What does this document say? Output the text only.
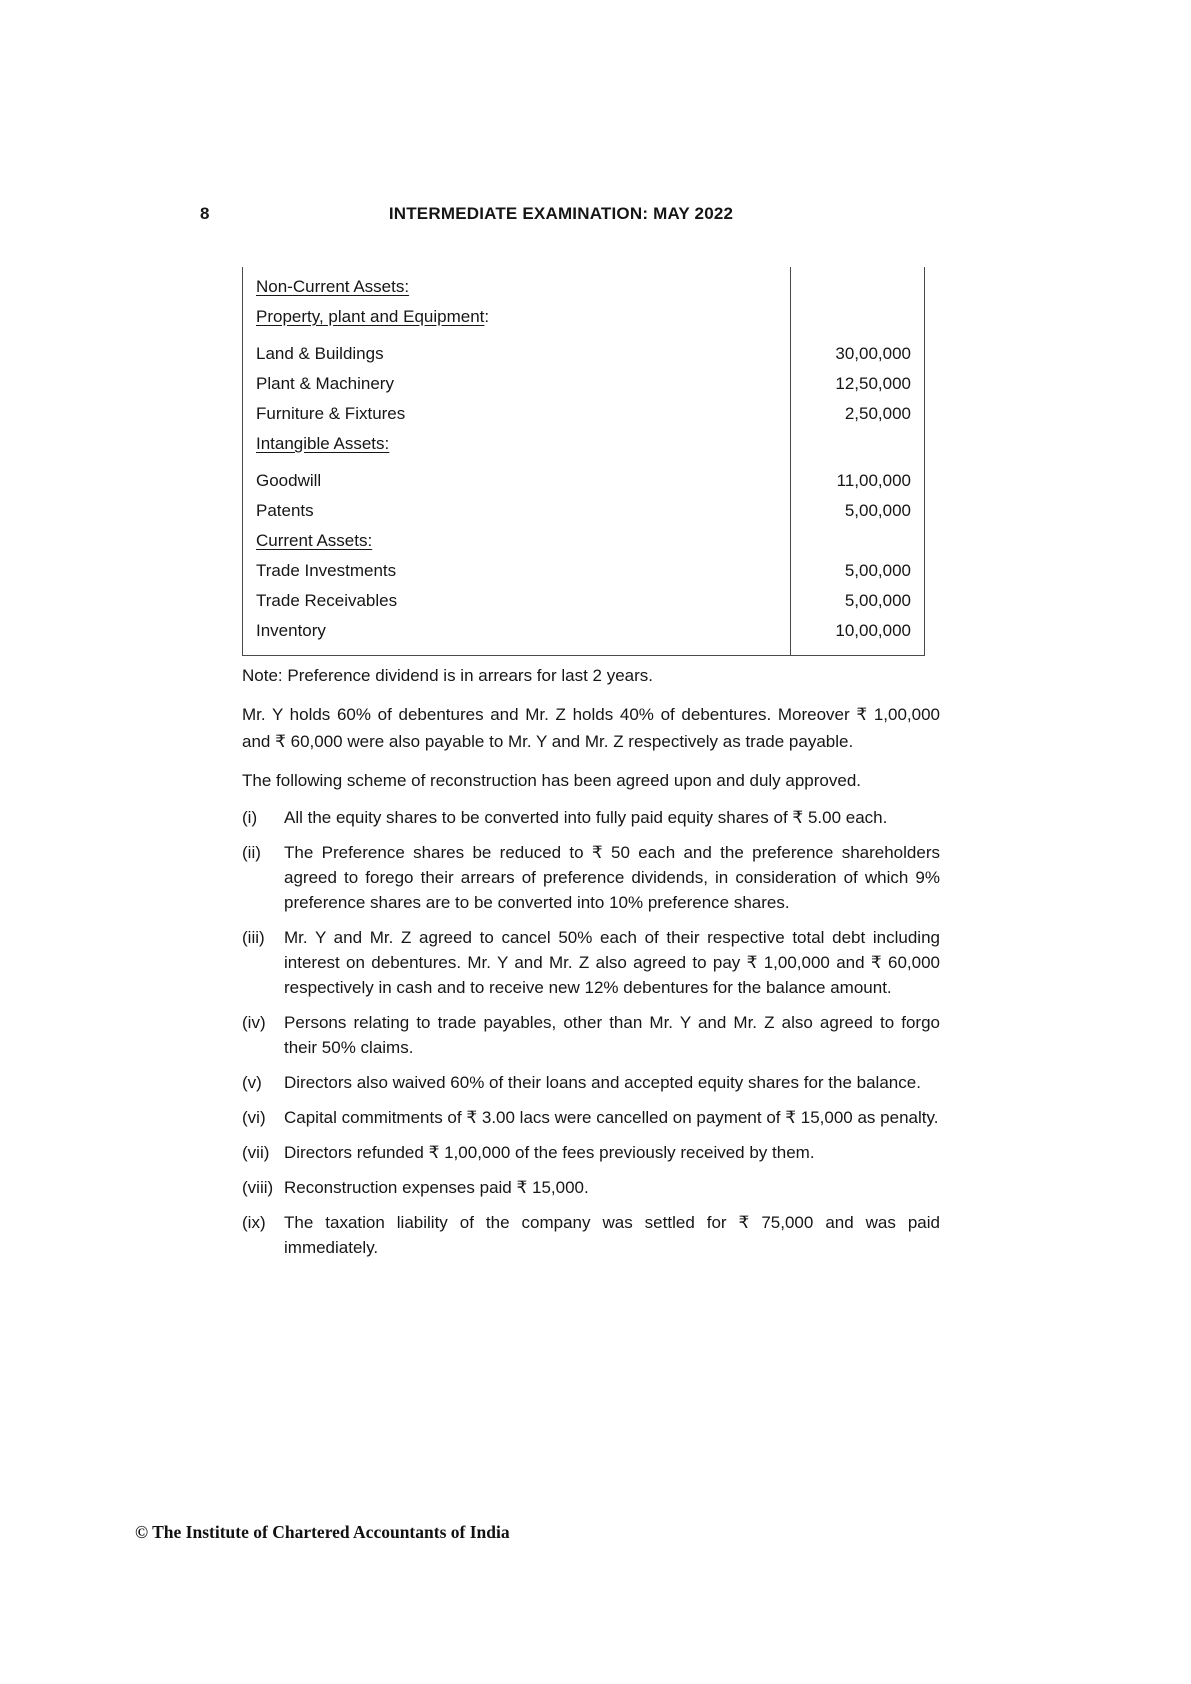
8	INTERMEDIATE EXAMINATION: MAY 2022
Non-Current Assets:
Property, plant and Equipment:
Land & Buildings	30,00,000
Plant & Machinery	12,50,000
Furniture & Fixtures	2,50,000
Intangible Assets:
Goodwill	11,00,000
Patents	5,00,000
Current Assets:
Trade Investments	5,00,000
Trade Receivables	5,00,000
Inventory	10,00,000

Note: Preference dividend is in arrears for last 2 years.

Mr. Y holds 60% of debentures and Mr. Z holds 40% of debentures. Moreover ₹ 1,00,000 and ₹ 60,000 were also payable to Mr. Y and Mr. Z respectively as trade payable.

The following scheme of reconstruction has been agreed upon and duly approved.

(i)	All the equity shares to be converted into fully paid equity shares of ₹ 5.00 each.
(ii)	The Preference shares be reduced to ₹ 50 each and the preference shareholders agreed to forego their arrears of preference dividends, in consideration of which 9% preference shares are to be converted into 10% preference shares.
(iii)	Mr. Y and Mr. Z agreed to cancel 50% each of their respective total debt including interest on debentures. Mr. Y and Mr. Z also agreed to pay ₹ 1,00,000 and ₹ 60,000 respectively in cash and to receive new 12% debentures for the balance amount.
(iv)	Persons relating to trade payables, other than Mr. Y and Mr. Z also agreed to forgo their 50% claims.
(v)	Directors also waived 60% of their loans and accepted equity shares for the balance.
(vi)	Capital commitments of ₹ 3.00 lacs were cancelled on payment of ₹ 15,000 as penalty.
(vii) Directors refunded ₹ 1,00,000 of the fees previously received by them.
(viii) Reconstruction expenses paid ₹ 15,000.
(ix)	The taxation liability of the company was settled for ₹ 75,000 and was paid immediately.
© The Institute of Chartered Accountants of India
